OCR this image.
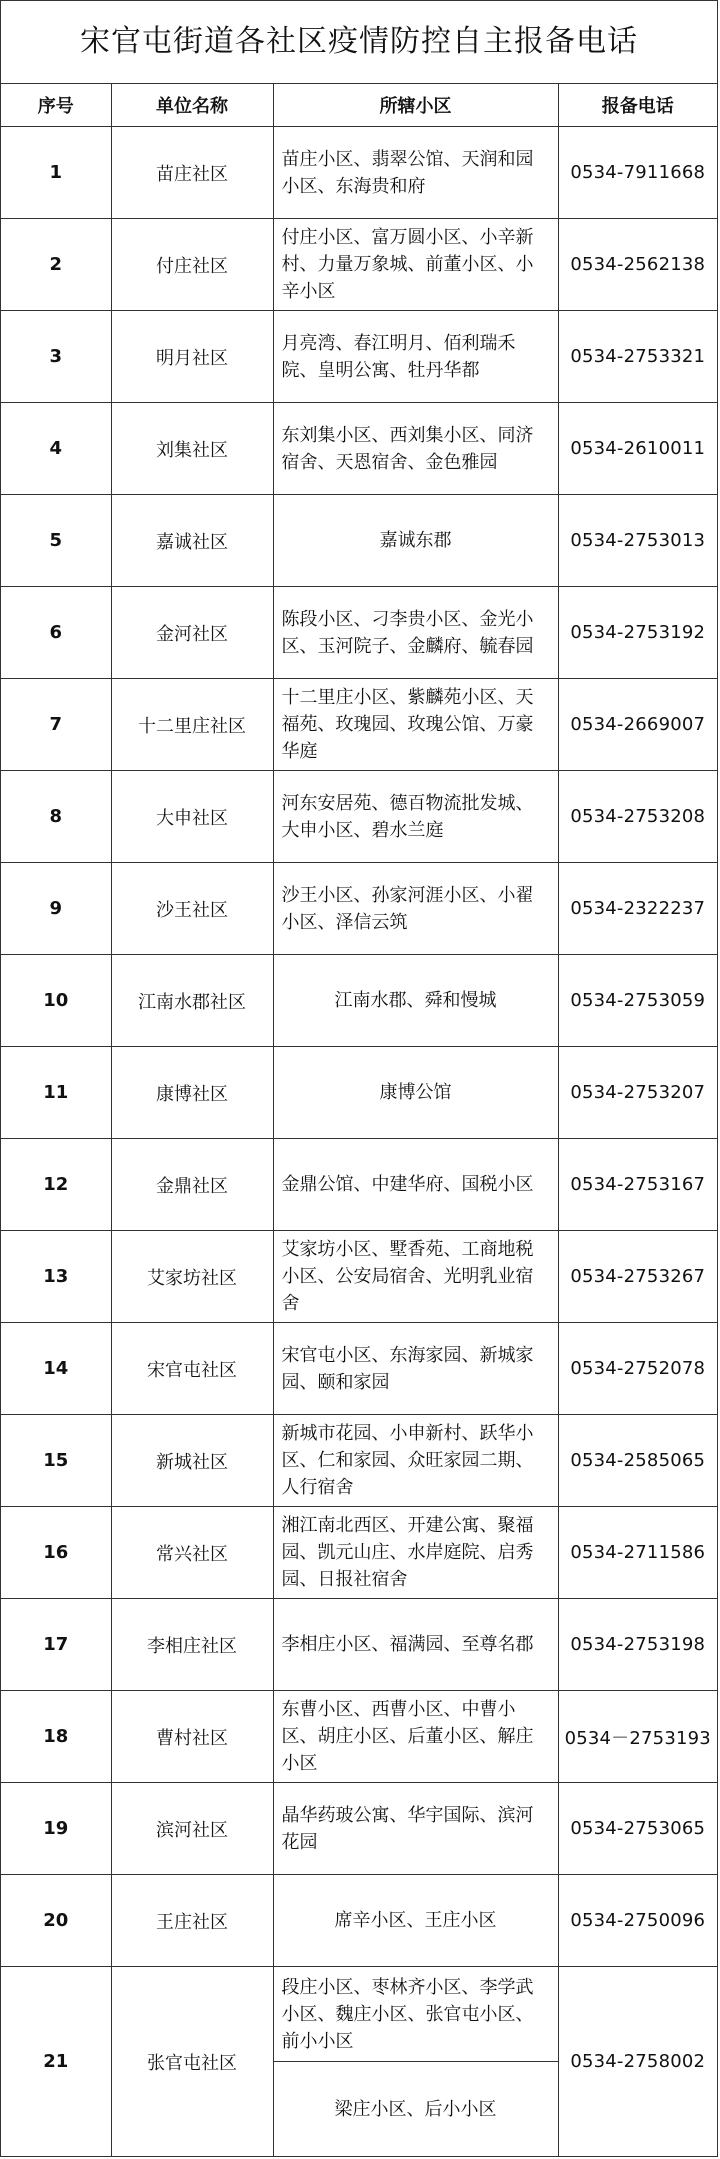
宋官屯街道各社区疫情防控自主报备电话
序号	单位名称	所辖小区	报备电话
1	苗庄社区	苗庄小区、翡翠公馆、天润和园小区、东海贵和府	0534-7911668
2	付庄社区	付庄小区、富万圆小区、小辛新村、力量万象城、前董小区、小辛小区	0534-2562138
3	明月社区	月亮湾、春江明月、佰利瑞禾院、皇明公寓、牡丹华都	0534-2753321
4	刘集社区	东刘集小区、西刘集小区、同济宿舍、天恩宿舍、金色雅园	0534-2610011
5	嘉诚社区	嘉诚东郡	0534-2753013
6	金河社区	陈段小区、刁李贵小区、金光小区、玉河院子、金麟府、毓春园	0534-2753192
7	十二里庄社区	十二里庄小区、紫麟苑小区、天福苑、玫瑰园、玫瑰公馆、万豪华庭	0534-2669007
8	大申社区	河东安居苑、德百物流批发城、大申小区、碧水兰庭	0534-2753208
9	沙王社区	沙王小区、孙家河涯小区、小翟小区、泽信云筑	0534-2322237
10	江南水郡社区	江南水郡、舜和慢城	0534-2753059
11	康博社区	康博公馆	0534-2753207
12	金鼎社区	金鼎公馆、中建华府、国税小区	0534-2753167
13	艾家坊社区	艾家坊小区、墅香苑、工商地税小区、公安局宿舍、光明乳业宿舍	0534-2753267
14	宋官屯社区	宋官屯小区、东海家园、新城家园、颐和家园	0534-2752078
15	新城社区	新城市花园、小申新村、跃华小区、仁和家园、众旺家园二期、人行宿舍	0534-2585065
16	常兴社区	湘江南北西区、开建公寓、聚福园、凯元山庄、水岸庭院、启秀园、日报社宿舍	0534-2711586
17	李相庄社区	李相庄小区、福满园、至尊名郡	0534-2753198
18	曹村社区	东曹小区、西曹小区、中曹小区、胡庄小区、后董小区、解庄小区	0534－2753193
19	滨河社区	晶华药玻公寓、华宇国际、滨河花园	0534-2753065
20	王庄社区	席辛小区、王庄小区	0534-2750096
21	张官屯社区	段庄小区、枣林齐小区、李学武小区、魏庄小区、张官屯小区、前小小区	0534-2758002
		梁庄小区、后小小区	
